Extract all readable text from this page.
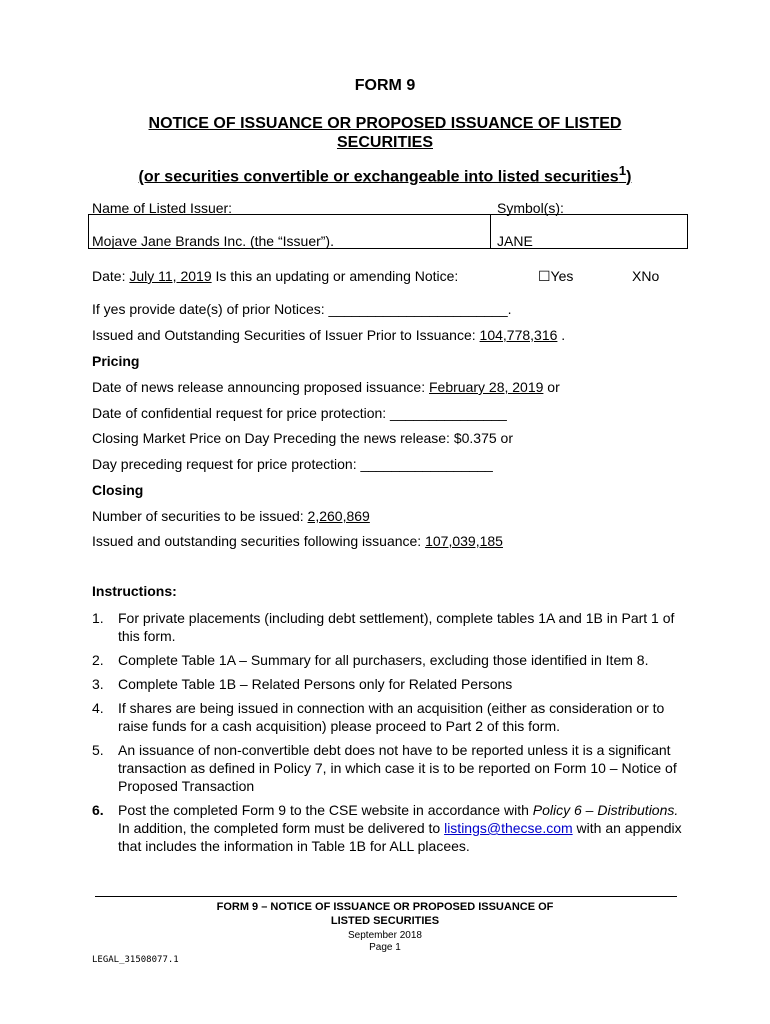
FORM 9
NOTICE OF ISSUANCE OR PROPOSED ISSUANCE OF LISTED
SECURITIES
(or securities convertible or exchangeable into listed securities$^1$)
Name of Listed Issuer:	Symbol(s):
Mojave Jane Brands Inc. (the “Issuer”).	JANE
Date: July 11, 2019 Is this an updating or amending Notice:	☐Yes	XNo
If yes provide date(s) of prior Notices: _______________________.
Issued and Outstanding Securities of Issuer Prior to Issuance: 104,778,316 .
Pricing
Date of news release announcing proposed issuance: February 28, 2019 or
Date of confidential request for price protection: _______________
Closing Market Price on Day Preceding the news release: $0.375 or
Day preceding request for price protection: _________________
Closing
Number of securities to be issued: 2,260,869
Issued and outstanding securities following issuance: 107,039,185
Instructions:
1.	For private placements (including debt settlement), complete tables 1A and 1B in Part 1 of this form.
2.	Complete Table 1A – Summary for all purchasers, excluding those identified in Item 8.
3.	Complete Table 1B – Related Persons only for Related Persons
4.	If shares are being issued in connection with an acquisition (either as consideration or to raise funds for a cash acquisition) please proceed to Part 2 of this form.
5.	An issuance of non-convertible debt does not have to be reported unless it is a significant transaction as defined in Policy 7, in which case it is to be reported on Form 10 – Notice of Proposed Transaction
6.	Post the completed Form 9 to the CSE website in accordance with Policy 6 – Distributions. In addition, the completed form must be delivered to listings@thecse.com with an appendix that includes the information in Table 1B for ALL placees.
FORM 9 – NOTICE OF ISSUANCE OR PROPOSED ISSUANCE OF
LISTED SECURITIES
September 2018
Page 1
LEGAL_31508077.1
